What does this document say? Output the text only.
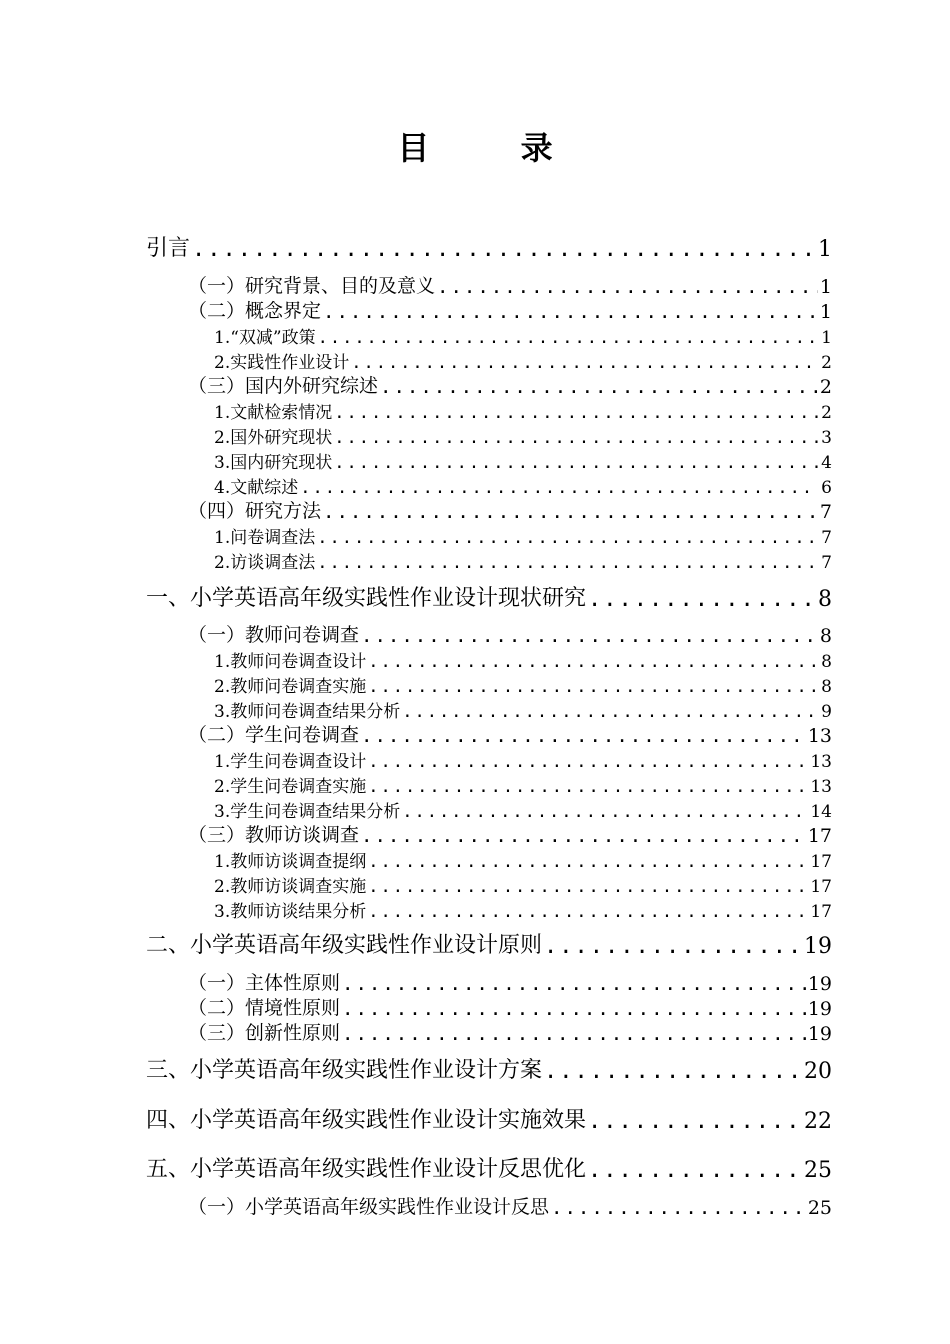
目 录
引言 .....	1
（一）研究背景、目的及意义 .....	1
（二）概念界定 .....	1
1.“双减”政策 .....	1
2.实践性作业设计 .....	2
（三）国内外研究综述 .....	2
1.文献检索情况 .....	2
2.国外研究现状 .....	3
3.国内研究现状 .....	4
4.文献综述 .....	6
（四）研究方法 .....	7
1.问卷调查法 .....	7
2.访谈调查法 .....	7
一、小学英语高年级实践性作业设计现状研究 .....	8
（一）教师问卷调查 .....	8
1.教师问卷调查设计 .....	8
2.教师问卷调查实施 .....	8
3.教师问卷调查结果分析 .....	9
（二）学生问卷调查 .....	13
1.学生问卷调查设计 .....	13
2.学生问卷调查实施 .....	13
3.学生问卷调查结果分析 .....	14
（三）教师访谈调查 .....	17
1.教师访谈调查提纲 .....	17
2.教师访谈调查实施 .....	17
3.教师访谈结果分析 .....	17
二、小学英语高年级实践性作业设计原则 .....	19
（一）主体性原则 .....	19
（二）情境性原则 .....	19
（三）创新性原则 .....	19
三、小学英语高年级实践性作业设计方案 .....	20
四、小学英语高年级实践性作业设计实施效果 .....	22
五、小学英语高年级实践性作业设计反思优化 .....	25
（一）小学英语高年级实践性作业设计反思 .....	25
